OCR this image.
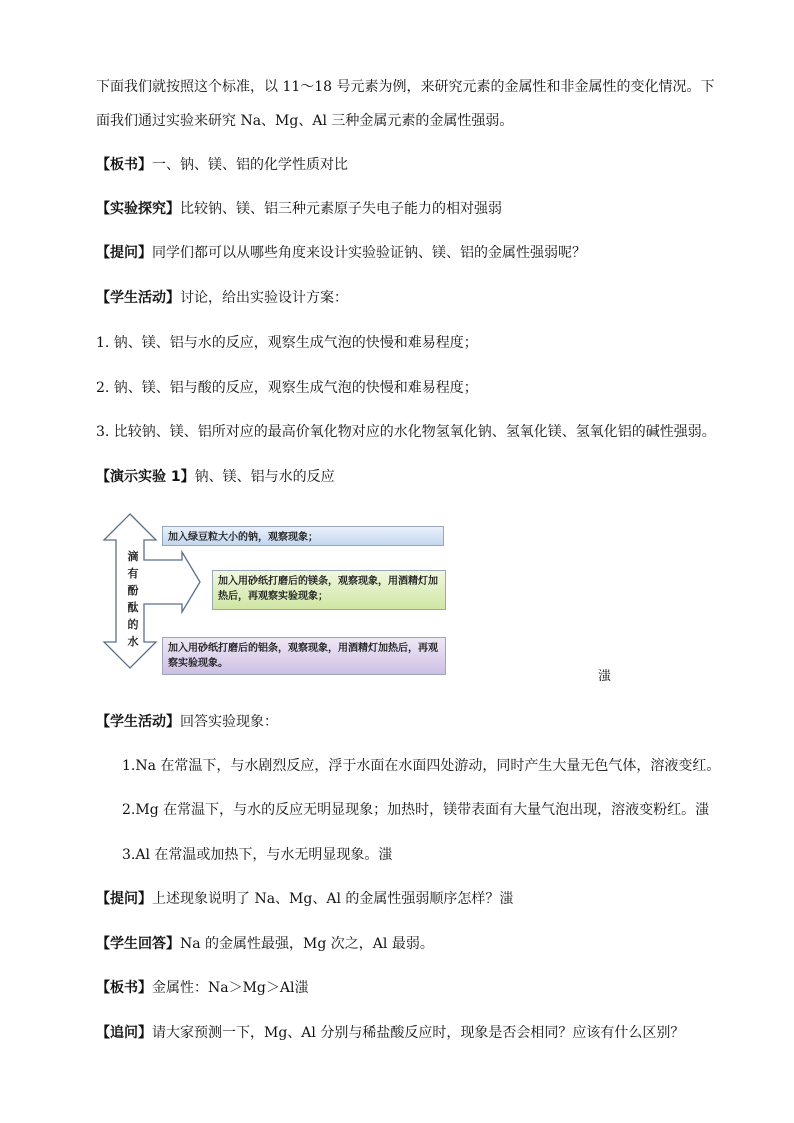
下面我们就按照这个标准，以 11～18 号元素为例，来研究元素的金属性和非金属性的变化情况。下
面我们通过实验来研究 Na、Mg、Al 三种金属元素的金属性强弱。
【板书】一、钠、镁、铝的化学性质对比
【实验探究】比较钠、镁、铝三种元素原子失电子能力的相对强弱
【提问】同学们都可以从哪些角度来设计实验验证钠、镁、铝的金属性强弱呢？
【学生活动】讨论，给出实验设计方案：
1. 钠、镁、铝与水的反应，观察生成气泡的快慢和难易程度；
2. 钠、镁、铝与酸的反应，观察生成气泡的快慢和难易程度；
3. 比较钠、镁、铝所对应的最高价氧化物对应的水化物氢氧化钠、氢氧化镁、氢氧化铝的碱性强弱。
【演示实验 1】钠、镁、铝与水的反应
滴
有
酚
酞
的
水
加入绿豆粒大小的钠，观察现象；
加入用砂纸打磨后的镁条，观察现象，用酒精灯加热后，再观察实验现象；
加入用砂纸打磨后的铝条，观察现象，用酒精灯加热后，再观察实验现象。
滍
【学生活动】回答实验现象：
1.Na 在常温下，与水剧烈反应，浮于水面在水面四处游动，同时产生大量无色气体，溶液变红。
2.Mg 在常温下，与水的反应无明显现象；加热时，镁带表面有大量气泡出现，溶液变粉红。滍
3.Al 在常温或加热下，与水无明显现象。滍
【提问】上述现象说明了 Na、Mg、Al 的金属性强弱顺序怎样？滍
【学生回答】Na 的金属性最强，Mg 次之，Al 最弱。
【板书】金属性：Na＞Mg＞Al滍
【追问】请大家预测一下，Mg、Al 分别与稀盐酸反应时，现象是否会相同？应该有什么区别？
